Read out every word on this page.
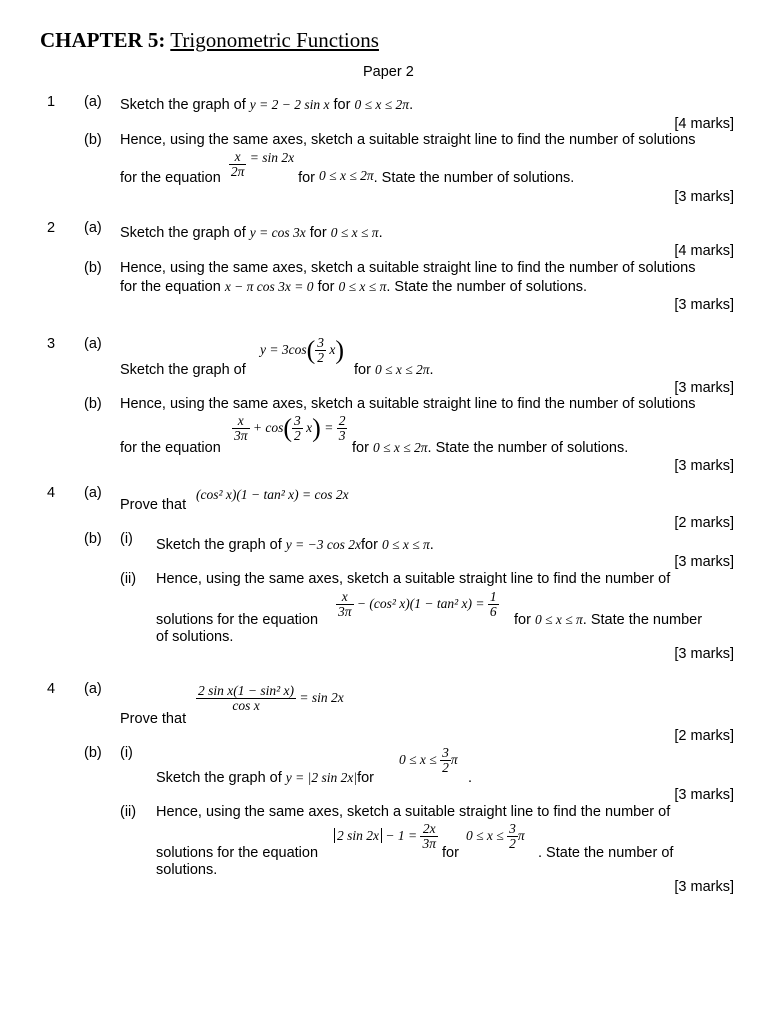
CHAPTER 5: Trigonometric Functions
Paper 2
1 (a) Sketch the graph of y = 2 − 2 sin x for 0 ≤ x ≤ 2π.
[4 marks]
(b) Hence, using the same axes, sketch a suitable straight line to find the number of solutions
for the equation $\frac{x}{2\pi} = \sin 2x$ for 0 ≤ x ≤ 2π. State the number of solutions.
[3 marks]
2 (a) Sketch the graph of y = cos 3x for 0 ≤ x ≤ π.
[4 marks]
(b) Hence, using the same axes, sketch a suitable straight line to find the number of solutions
for the equation x − π cos 3x = 0 for 0 ≤ x ≤ π. State the number of solutions.
[3 marks]
3 (a)
Sketch the graph of
$y = 3\cos( \frac{3}{2} x)$
for 0 ≤ x ≤ 2π.
[3 marks]
(b) Hence, using the same axes, sketch a suitable straight line to find the number of solutions
for the equation
$\frac{x}{3\pi} + \cos( \frac{3}{2} x) = \frac{2}{3}$
for 0 ≤ x ≤ 2π. State the number of solutions.
[3 marks]
4 (a)
Prove that
(cos² x)(1 − tan² x) = cos 2x
[2 marks]
(b) (i) Sketch the graph of y = −3 cos 2xfor 0 ≤ x ≤ π.
[3 marks]
(ii) Hence, using the same axes, sketch a suitable straight line to find the number of
solutions for the equation
$\frac{x}{3\pi} - (\cos^2$ x)(1 − tan² $x) = \frac{1}{6}$
for 0 ≤ x ≤ π. State the number
of solutions.
[3 marks]
4 (a)
Prove that
$\frac{\text{2 sin x(1 − sin² x)}}{\text{cos x}} = \sin 2x$
[2 marks]
(b) (i)
Sketch the graph of y = |2 sin 2x|for
$0 \le x \le \frac{3}{2}$ π
.
[3 marks]
(ii) Hence, using the same axes, sketch a suitable straight line to find the number of
solutions for the equation
2 $\sin 2x - 1 = \frac{2x}{3\pi}$
for
$0 \le x \le \frac{3}{2}$ π
. State the number of
solutions.
[3 marks]
